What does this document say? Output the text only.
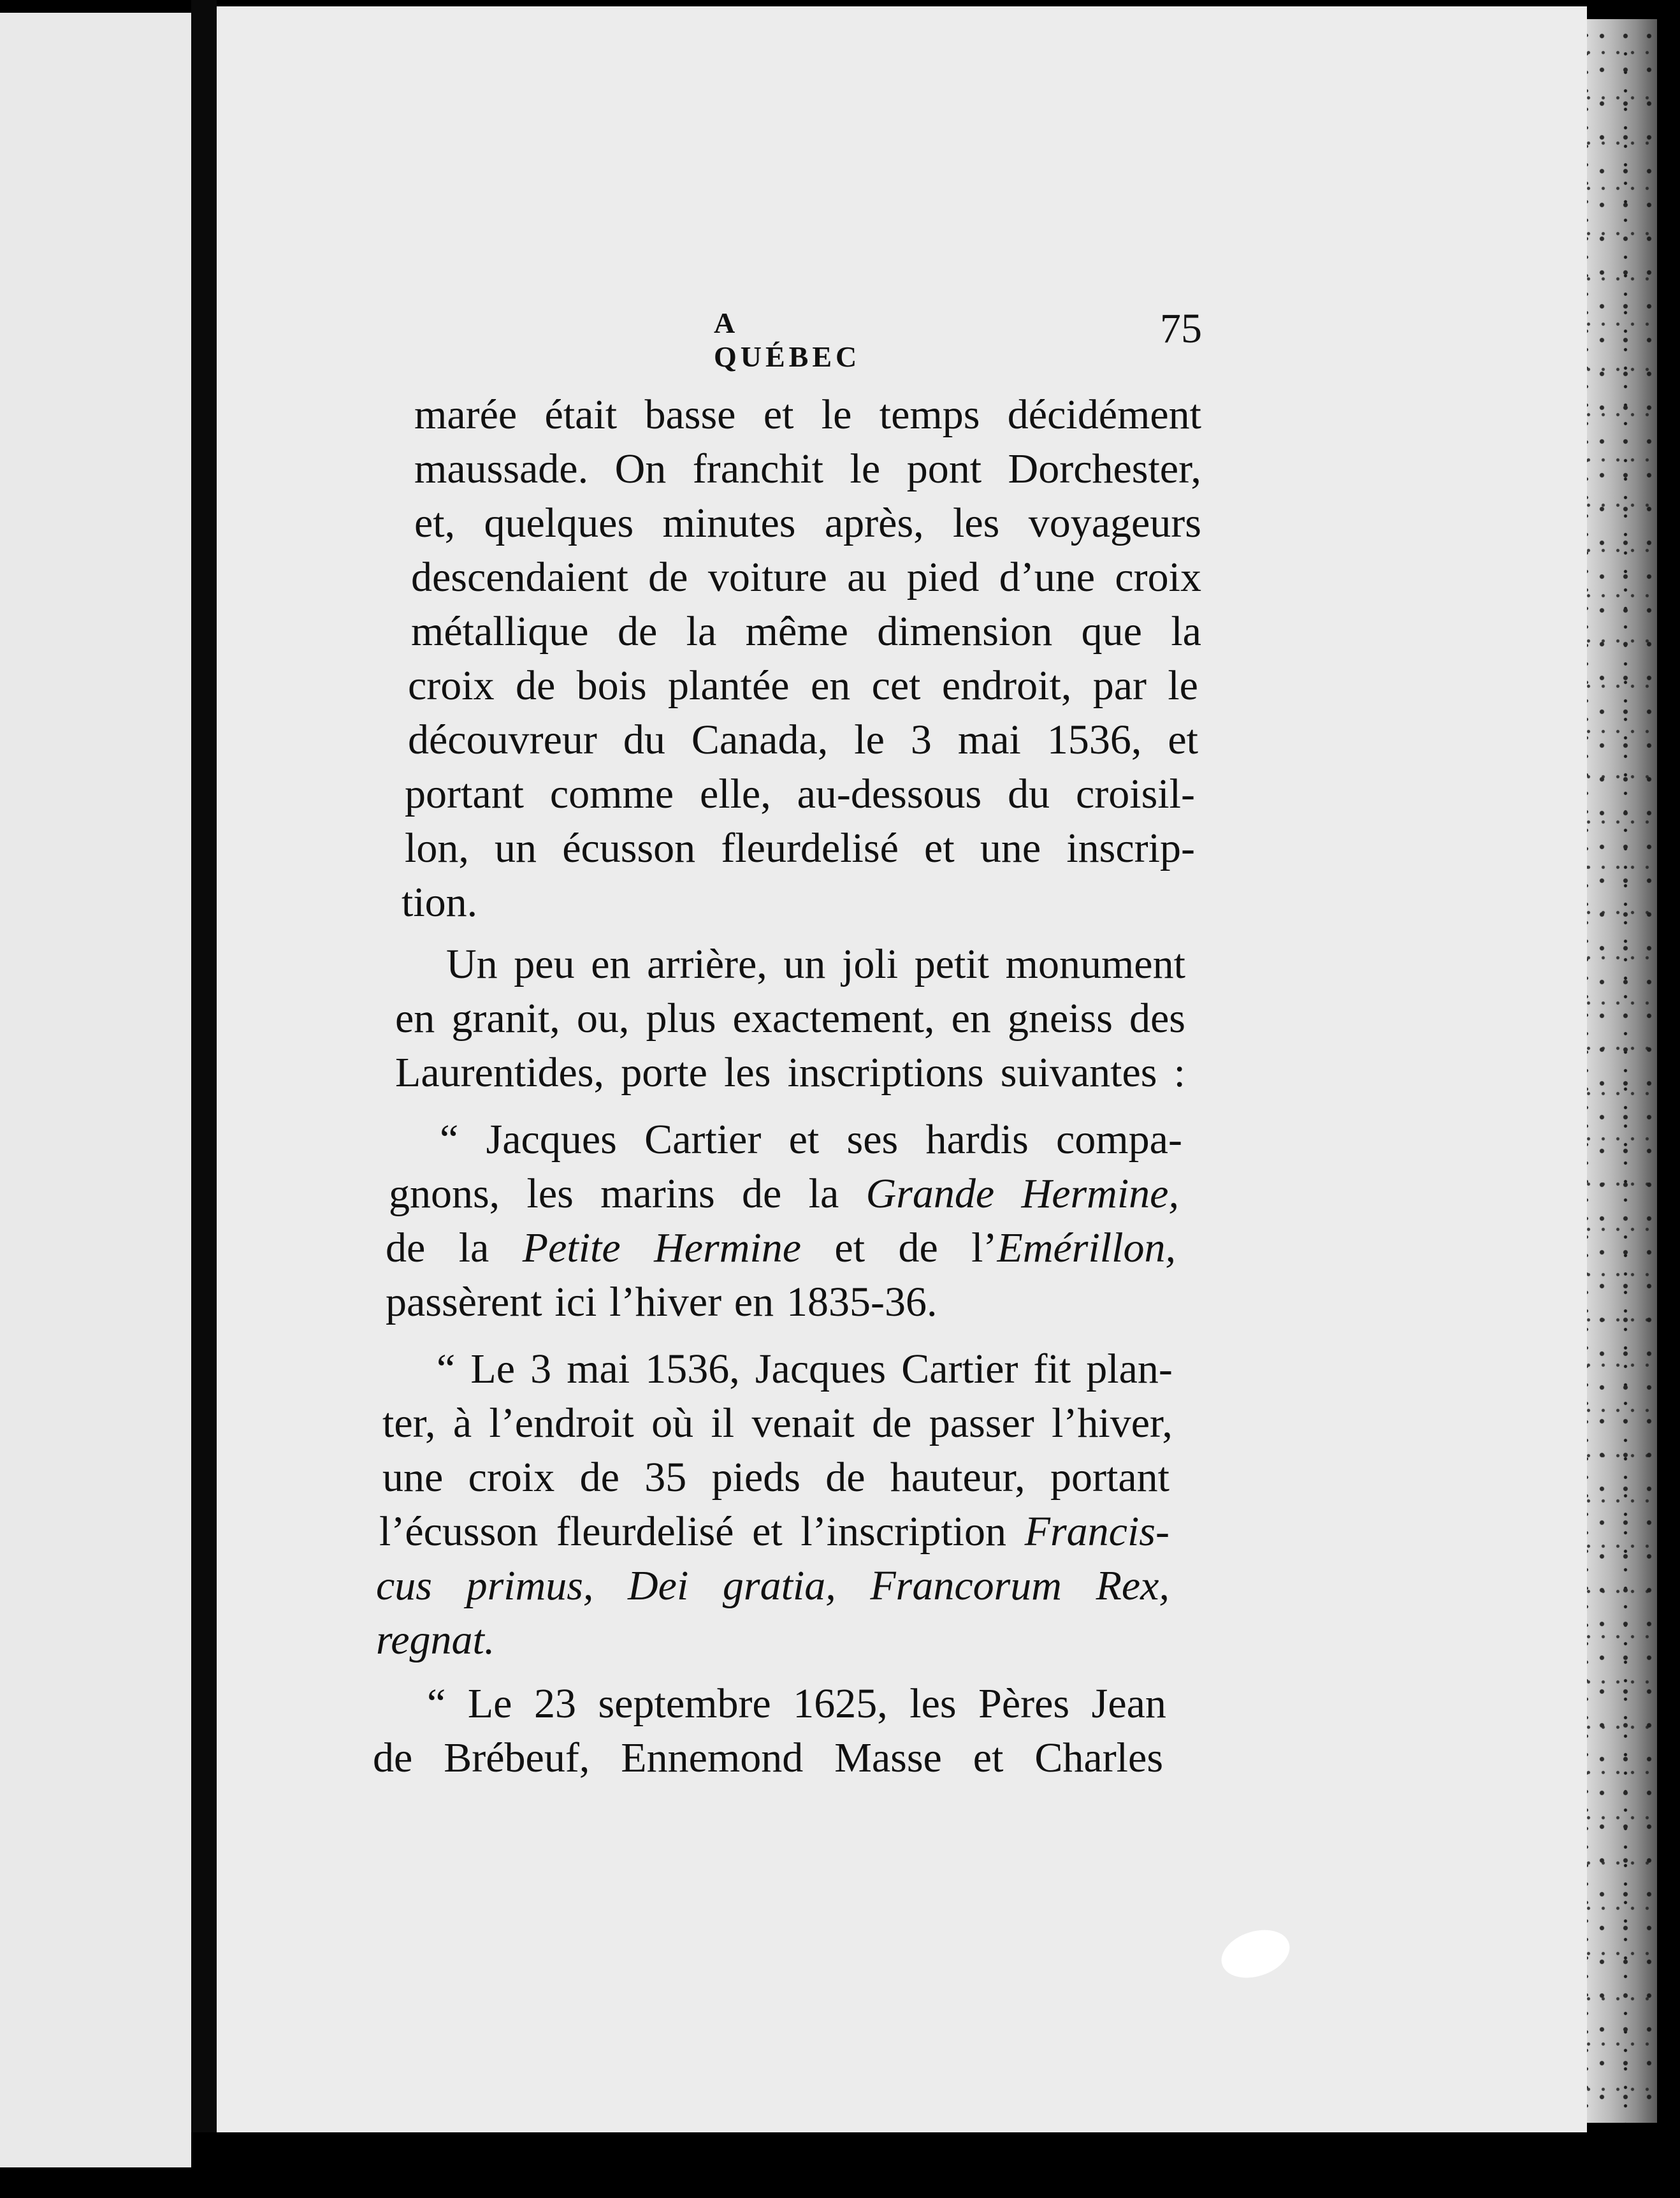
A QUÉBEC
75
marée était basse et le temps décidément
maussade. On franchit le pont Dorchester,
et, quelques minutes après, les voyageurs
descendaient de voiture au pied d’une croix
métallique de la même dimension que la
croix de bois plantée en cet endroit, par le
découvreur du Canada, le 3 mai 1536, et
portant comme elle, au-dessous du croisil-
lon, un écusson fleurdelisé et une inscrip-
tion.
Un peu en arrière, un joli petit monument
en granit, ou, plus exactement, en gneiss des
Laurentides, porte les inscriptions suivantes :
“ Jacques Cartier et ses hardis compa-
gnons, les marins de la Grande Hermine,
de la Petite Hermine et de l’Emérillon,
passèrent ici l’hiver en 1835-36.
“ Le 3 mai 1536, Jacques Cartier fit plan-
ter, à l’endroit où il venait de passer l’hiver,
une croix de 35 pieds de hauteur, portant
l’écusson fleurdelisé et l’inscription Francis-
cus primus, Dei gratia, Francorum Rex,
regnat.
“ Le 23 septembre 1625, les Pères Jean
de Brébeuf, Ennemond Masse et Charles
